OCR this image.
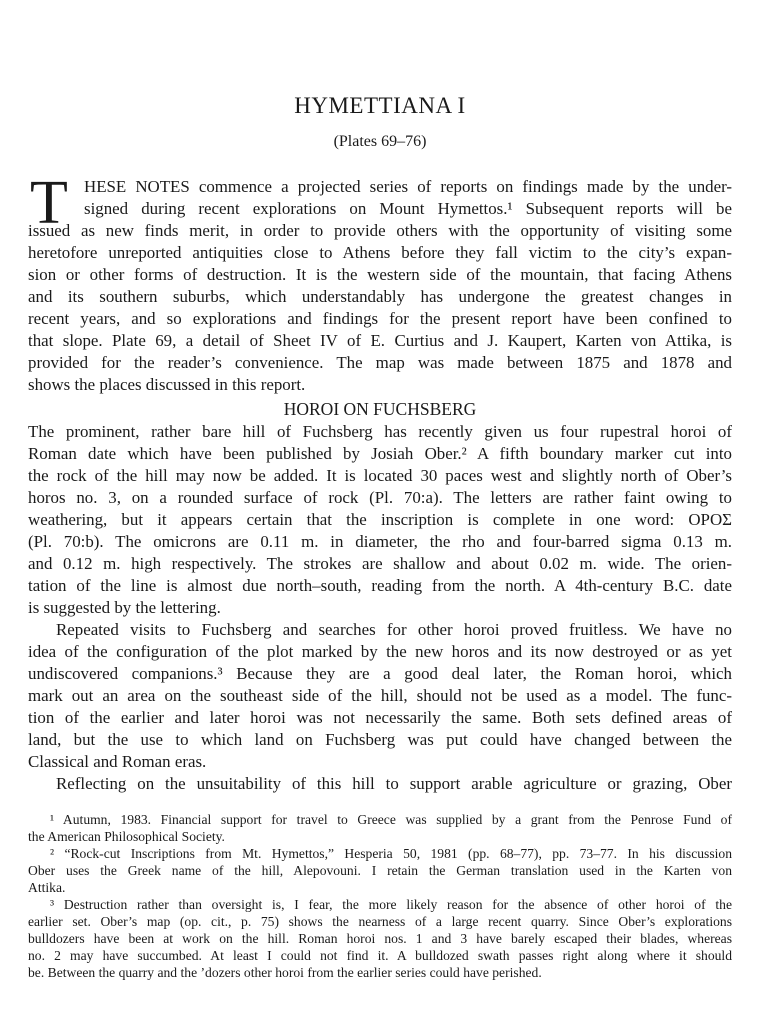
HYMETTIANA I
(Plates 69–76)
T HESE NOTES commence a projected series of reports on findings made by the under-
signed during recent explorations on Mount Hymettos.¹ Subsequent reports will be
issued as new finds merit, in order to provide others with the opportunity of visiting some
heretofore unreported antiquities close to Athens before they fall victim to the city’s expan-
sion or other forms of destruction. It is the western side of the mountain, that facing Athens
and its southern suburbs, which understandably has undergone the greatest changes in
recent years, and so explorations and findings for the present report have been confined to
that slope. Plate 69, a detail of Sheet IV of E. Curtius and J. Kaupert, Karten von Attika, is
provided for the reader’s convenience. The map was made between 1875 and 1878 and
shows the places discussed in this report.
HOROI ON FUCHSBERG
The prominent, rather bare hill of Fuchsberg has recently given us four rupestral horoi of
Roman date which have been published by Josiah Ober.² A fifth boundary marker cut into
the rock of the hill may now be added. It is located 30 paces west and slightly north of Ober’s
horos no. 3, on a rounded surface of rock (Pl. 70:a). The letters are rather faint owing to
weathering, but it appears certain that the inscription is complete in one word: ΟΡΟΣ
(Pl. 70:b). The omicrons are 0.11 m. in diameter, the rho and four-barred sigma 0.13 m.
and 0.12 m. high respectively. The strokes are shallow and about 0.02 m. wide. The orien-
tation of the line is almost due north–south, reading from the north. A 4th-century B.C. date
is suggested by the lettering.
Repeated visits to Fuchsberg and searches for other horoi proved fruitless. We have no
idea of the configuration of the plot marked by the new horos and its now destroyed or as yet
undiscovered companions.³ Because they are a good deal later, the Roman horoi, which
mark out an area on the southeast side of the hill, should not be used as a model. The func-
tion of the earlier and later horoi was not necessarily the same. Both sets defined areas of
land, but the use to which land on Fuchsberg was put could have changed between the
Classical and Roman eras.
Reflecting on the unsuitability of this hill to support arable agriculture or grazing, Ober
¹ Autumn, 1983. Financial support for travel to Greece was supplied by a grant from the Penrose Fund of
the American Philosophical Society.
² “Rock-cut Inscriptions from Mt. Hymettos,” Hesperia 50, 1981 (pp. 68–77), pp. 73–77. In his discussion
Ober uses the Greek name of the hill, Alepovouni. I retain the German translation used in the Karten von
Attika.
³ Destruction rather than oversight is, I fear, the more likely reason for the absence of other horoi of the
earlier set. Ober’s map (op. cit., p. 75) shows the nearness of a large recent quarry. Since Ober’s explorations
bulldozers have been at work on the hill. Roman horoi nos. 1 and 3 have barely escaped their blades, whereas
no. 2 may have succumbed. At least I could not find it. A bulldozed swath passes right along where it should
be. Between the quarry and the ’dozers other horoi from the earlier series could have perished.
